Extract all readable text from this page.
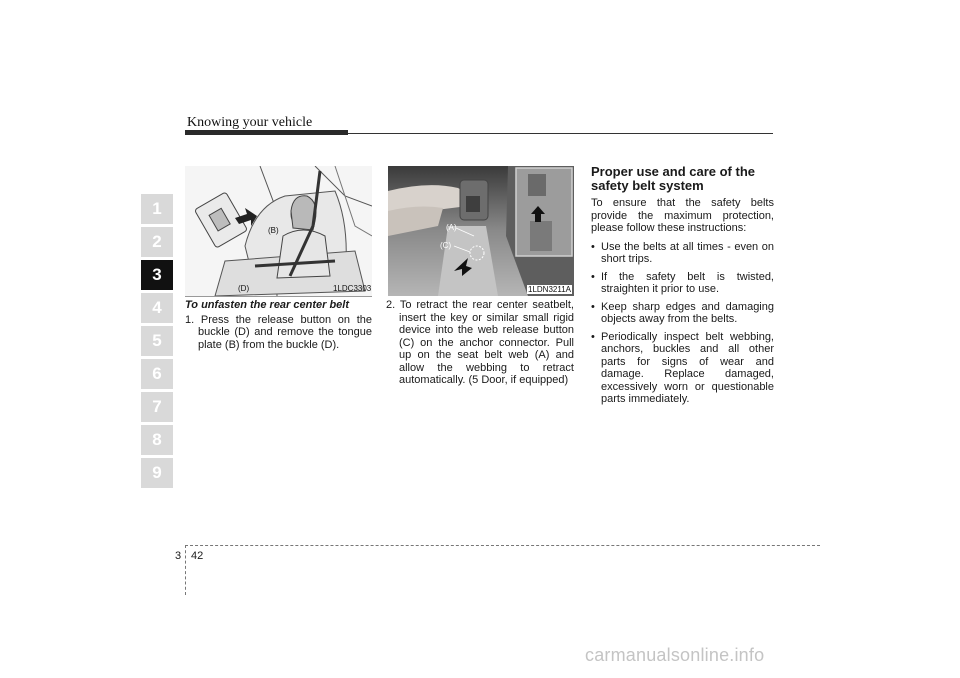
Knowing your vehicle
1
2
3
4
5
6
7
8
9
(B)
(D)	1LDC3303
(A)
(C)
1LDN3211A

To unfasten the rear center belt

1. Press the release button on the buckle (D) and remove the tongue plate (B) from the buckle (D).

2. To retract the rear center seatbelt, insert the key or similar small rigid device into the web release button (C) on the anchor connector. Pull up on the seat belt web (A) and allow the webbing to retract automatically. (5 Door, if equipped)

Proper use and care of the safety belt system

To ensure that the safety belts provide the maximum protection, please follow these instructions:

• Use the belts at all times - even on short trips.
• If the safety belt is twisted, straighten it prior to use.
• Keep sharp edges and damaging objects away from the belts.
• Periodically inspect belt webbing, anchors, buckles and all other parts for signs of wear and damage. Replace damaged, excessively worn or questionable parts immediately.
3 42
carmanualsonline.info
